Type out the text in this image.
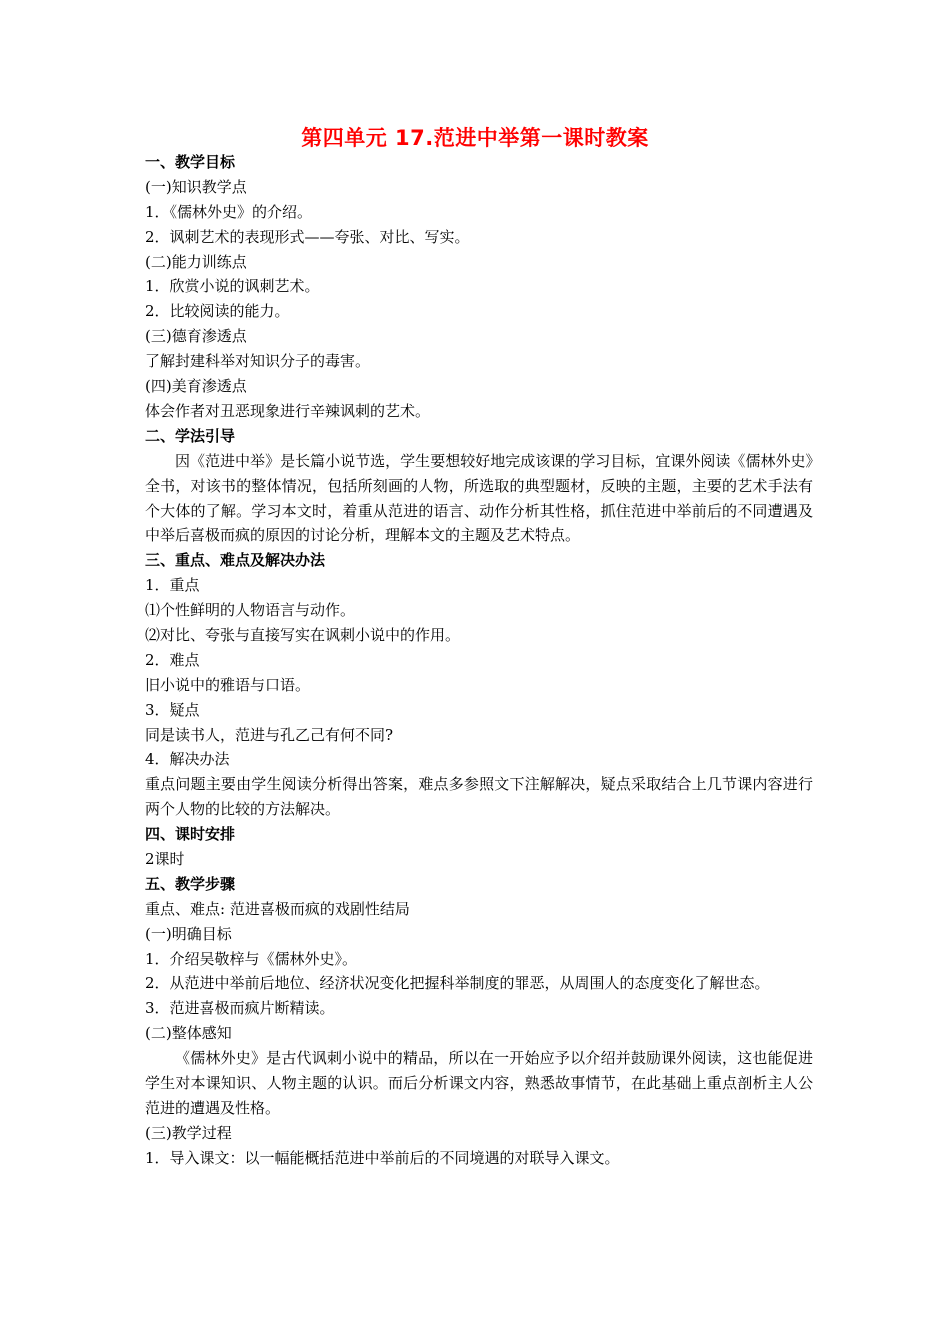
第四单元 17.范进中举第一课时教案
一、教学目标
(一)知识教学点
1．《儒林外史》的介绍。
2．讽刺艺术的表现形式——夸张、对比、写实。
(二)能力训练点
1．欣赏小说的讽刺艺术。
2．比较阅读的能力。
(三)德育渗透点
了解封建科举对知识分子的毒害。
(四)美育渗透点
体会作者对丑恶现象进行辛辣讽刺的艺术。
二、学法引导
因《范进中举》是长篇小说节选，学生要想较好地完成该课的学习目标，宜课外阅读《儒林外史》全书，对该书的整体情况，包括所刻画的人物，所选取的典型题材，反映的主题，主要的艺术手法有个大体的了解。学习本文时，着重从范进的语言、动作分析其性格，抓住范进中举前后的不同遭遇及中举后喜极而疯的原因的讨论分析，理解本文的主题及艺术特点。
三、重点、难点及解决办法
1．重点
⑴个性鲜明的人物语言与动作。
⑵对比、夸张与直接写实在讽刺小说中的作用。
2．难点
旧小说中的雅语与口语。
3．疑点
同是读书人，范进与孔乙己有何不同?
4．解决办法
重点问题主要由学生阅读分析得出答案，难点多参照文下注解解决，疑点采取结合上几节课内容进行两个人物的比较的方法解决。
四、课时安排
2课时
五、教学步骤
重点、难点: 范进喜极而疯的戏剧性结局
(一)明确目标
1．介绍吴敬梓与《儒林外史》。
2．从范进中举前后地位、经济状况变化把握科举制度的罪恶，从周围人的态度变化了解世态。
3．范进喜极而疯片断精读。
(二)整体感知
《儒林外史》是古代讽刺小说中的精品，所以在一开始应予以介绍并鼓励课外阅读，这也能促进学生对本课知识、人物主题的认识。而后分析课文内容，熟悉故事情节，在此基础上重点剖析主人公范进的遭遇及性格。
(三)教学过程
1．导入课文：以一幅能概括范进中举前后的不同境遇的对联导入课文。
